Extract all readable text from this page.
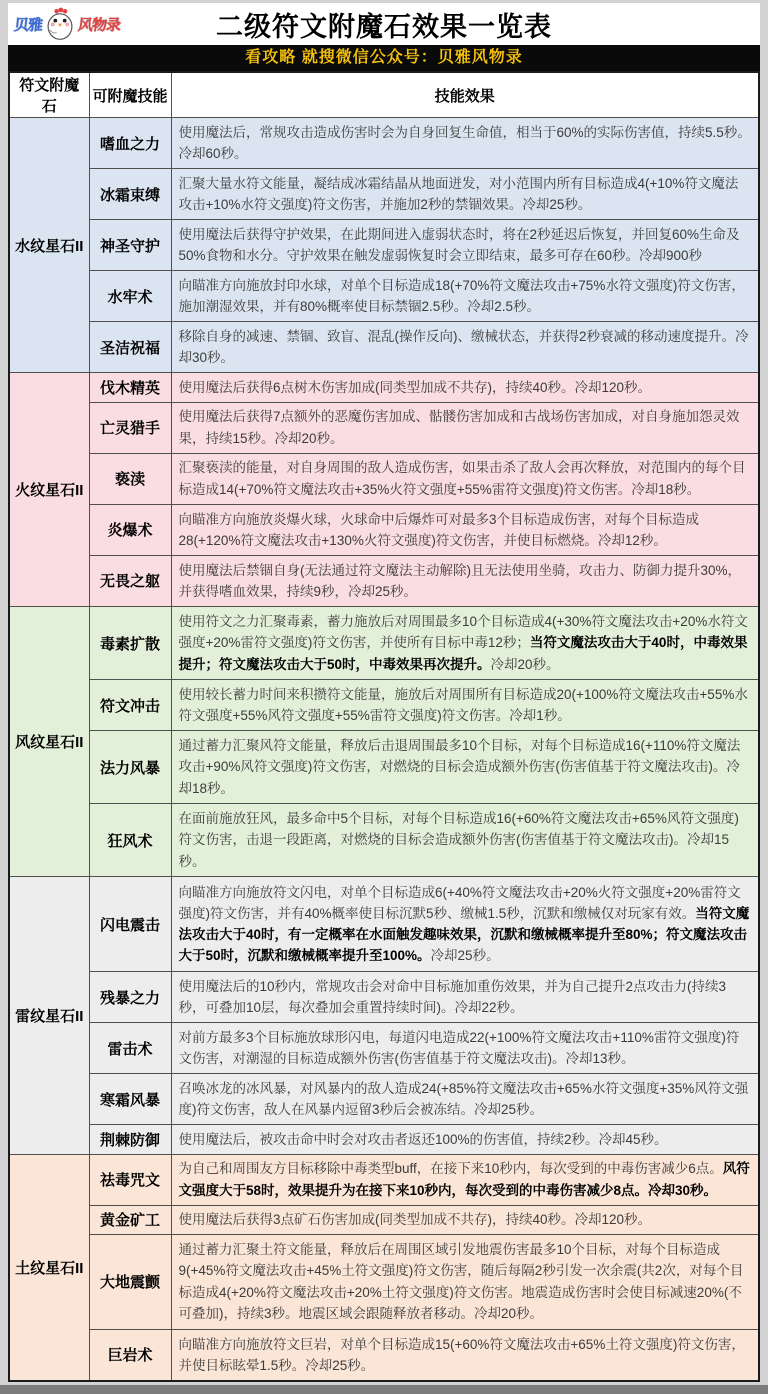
贝雅 风物录	二级符文附魔石效果一览表
看攻略 就搜微信公众号：贝雅风物录
符文附魔石	可附魔技能	技能效果
水纹星石II	嗜血之力	使用魔法后，常规攻击造成伤害时会为自身回复生命值，相当于60%的实际伤害值，持续5.5秒。冷却60秒。
	冰霜束缚	汇聚大量水符文能量，凝结成冰霜结晶从地面迸发，对小范围内所有目标造成4(+10%符文魔法攻击+10%水符文强度)符文伤害，并施加2秒的禁锢效果。冷却25秒。
	神圣守护	使用魔法后获得守护效果，在此期间进入虚弱状态时，将在2秒延迟后恢复，并回复60%生命及50%食物和水分。守护效果在触发虚弱恢复时会立即结束，最多可存在60秒。冷却900秒
	水牢术	向瞄准方向施放封印水球，对单个目标造成18(+70%符文魔法攻击+75%水符文强度)符文伤害，施加潮湿效果，并有80%概率使目标禁锢2.5秒。冷却2.5秒。
	圣洁祝福	移除自身的减速、禁锢、致盲、混乱(操作反向)、缴械状态，并获得2秒衰减的移动速度提升。冷却30秒。
火纹星石II	伐木精英	使用魔法后获得6点树木伤害加成(同类型加成不共存)，持续40秒。冷却120秒。
	亡灵猎手	使用魔法后获得7点额外的恶魔伤害加成、骷髅伤害加成和古战场伤害加成，对自身施加怨灵效果，持续15秒。冷却20秒。
	亵渎	汇聚亵渎的能量，对自身周围的敌人造成伤害，如果击杀了敌人会再次释放，对范围内的每个目标造成14(+70%符文魔法攻击+35%火符文强度+55%雷符文强度)符文伤害。冷却18秒。
	炎爆术	向瞄准方向施放炎爆火球，火球命中后爆炸可对最多3个目标造成伤害，对每个目标造成28(+120%符文魔法攻击+130%火符文强度)符文伤害，并使目标燃烧。冷却12秒。
	无畏之躯	使用魔法后禁锢自身(无法通过符文魔法主动解除)且无法使用坐骑，攻击力、防御力提升30%，并获得嗜血效果，持续9秒，冷却25秒。
风纹星石II	毒素扩散	使用符文之力汇聚毒素，蓄力施放后对周围最多10个目标造成4(+30%符文魔法攻击+20%水符文强度+20%雷符文强度)符文伤害，并使所有目标中毒12秒；当符文魔法攻击大于40时，中毒效果提升；符文魔法攻击大于50时，中毒效果再次提升。冷却20秒。
	符文冲击	使用较长蓄力时间来积攒符文能量，施放后对周围所有目标造成20(+100%符文魔法攻击+55%水符文强度+55%风符文强度+55%雷符文强度)符文伤害。冷却1秒。
	法力风暴	通过蓄力汇聚风符文能量，释放后击退周围最多10个目标，对每个目标造成16(+110%符文魔法攻击+90%风符文强度)符文伤害，对燃烧的目标会造成额外伤害(伤害值基于符文魔法攻击)。冷却18秒。
	狂风术	在面前施放狂风，最多命中5个目标，对每个目标造成16(+60%符文魔法攻击+65%风符文强度)符文伤害，击退一段距离，对燃烧的目标会造成额外伤害(伤害值基于符文魔法攻击)。冷却15秒。
雷纹星石II	闪电震击	向瞄准方向施放符文闪电，对单个目标造成6(+40%符文魔法攻击+20%火符文强度+20%雷符文强度)符文伤害，并有40%概率使目标沉默5秒、缴械1.5秒，沉默和缴械仅对玩家有效。当符文魔法攻击大于40时，有一定概率在水面触发趣味效果，沉默和缴械概率提升至80%；符文魔法攻击大于50时，沉默和缴械概率提升至100%。冷却25秒。
	残暴之力	使用魔法后的10秒内，常规攻击会对命中目标施加重伤效果，并为自己提升2点攻击力(持续3秒，可叠加10层，每次叠加会重置持续时间)。冷却22秒。
	雷击术	对前方最多3个目标施放球形闪电，每道闪电造成22(+100%符文魔法攻击+110%雷符文强度)符文伤害，对潮湿的目标造成额外伤害(伤害值基于符文魔法攻击)。冷却13秒。
	寒霜风暴	召唤冰龙的冰风暴，对风暴内的敌人造成24(+85%符文魔法攻击+65%水符文强度+35%风符文强度)符文伤害，敌人在风暴内逗留3秒后会被冻结。冷却25秒。
	荆棘防御	使用魔法后，被攻击命中时会对攻击者返还100%的伤害值，持续2秒。冷却45秒。
土纹星石II	祛毒咒文	为自己和周围友方目标移除中毒类型buff，在接下来10秒内，每次受到的中毒伤害减少6点。风符文强度大于58时，效果提升为在接下来10秒内，每次受到的中毒伤害减少8点。冷却30秒。
	黄金矿工	使用魔法后获得3点矿石伤害加成(同类型加成不共存)，持续40秒。冷却120秒。
	大地震颤	通过蓄力汇聚土符文能量，释放后在周围区域引发地震伤害最多10个目标，对每个目标造成9(+45%符文魔法攻击+45%土符文强度)符文伤害，随后每隔2秒引发一次余震(共2次，对每个目标造成4(+20%符文魔法攻击+20%土符文强度)符文伤害。地震造成伤害时会使目标减速20%(不可叠加)，持续3秒。地震区域会跟随释放者移动。冷却20秒。
	巨岩术	向瞄准方向施放符文巨岩，对单个目标造成15(+60%符文魔法攻击+65%土符文强度)符文伤害，并使目标眩晕1.5秒。冷却25秒。
